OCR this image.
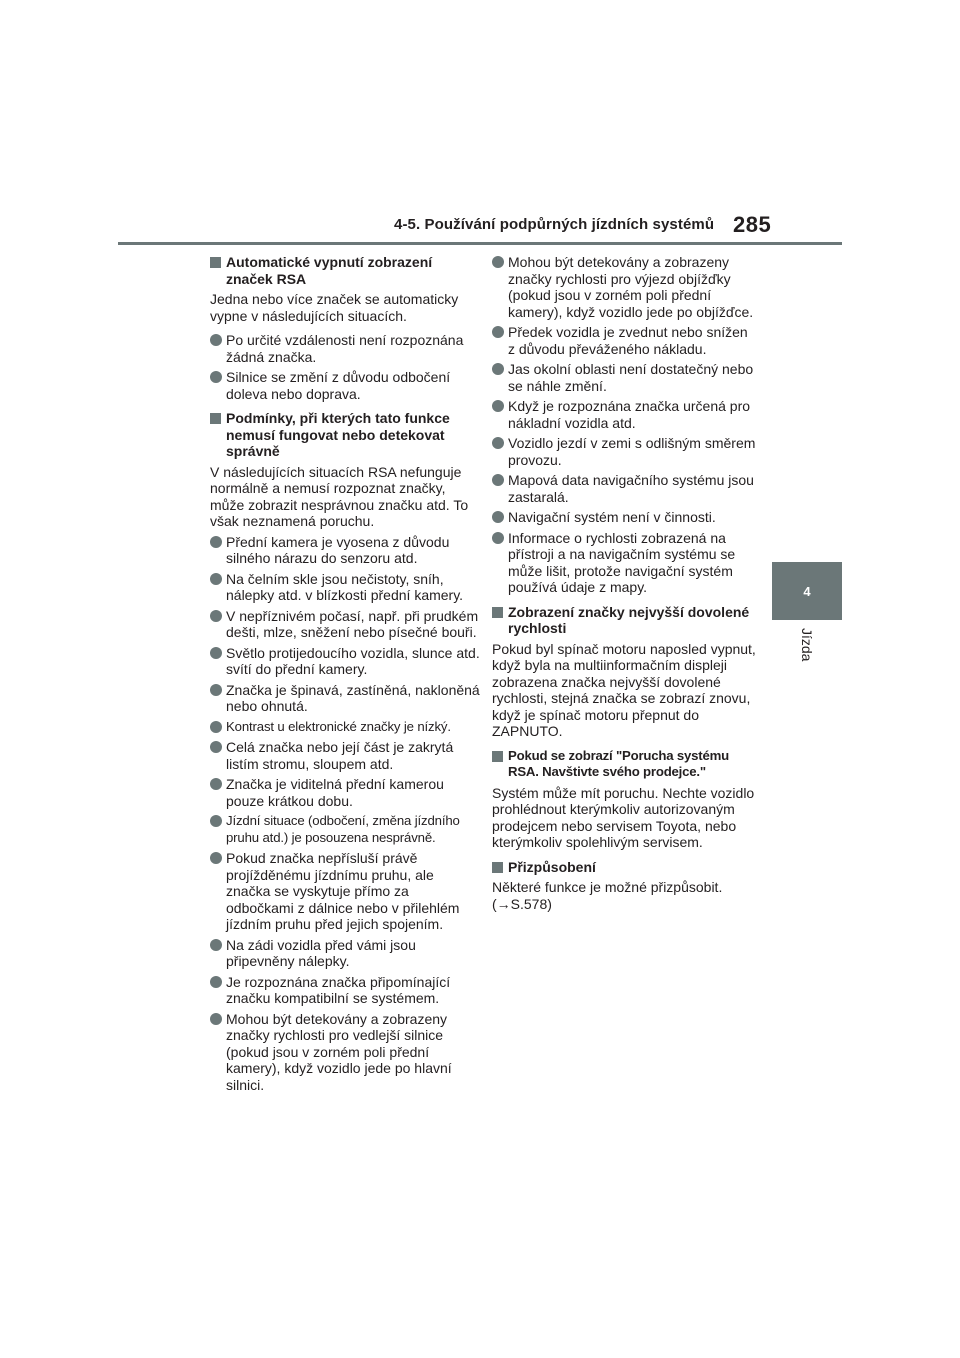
4-5. Používání podpůrných jízdních systémů 285
4
Jízda
Automatické vypnutí zobrazení značek RSA

Jedna nebo více značek se automaticky vypne v následujících situacích.

Po určité vzdálenosti není rozpoznána žádná značka.
Silnice se změní z důvodu odbočení doleva nebo doprava.
Podmínky, při kterých tato funkce nemusí fungovat nebo detekovat správně

V následujících situacích RSA nefunguje normálně a nemusí rozpoznat značky, může zobrazit nesprávnou značku atd. To však neznamená poruchu.

Přední kamera je vyosena z důvodu silného nárazu do senzoru atd.
Na čelním skle jsou nečistoty, sníh, nálepky atd. v blízkosti přední kamery.
V nepříznivém počasí, např. při prudkém dešti, mlze, sněžení nebo písečné bouři.
Světlo protijedoucího vozidla, slunce atd. svítí do přední kamery.
Značka je špinavá, zastíněná, nakloněná nebo ohnutá.
Kontrast u elektronické značky je nízký.
Celá značka nebo její část je zakrytá listím stromu, sloupem atd.
Značka je viditelná přední kamerou pouze krátkou dobu.
Jízdní situace (odbočení, změna jízdního pruhu atd.) je posouzena nesprávně.
Pokud značka nepřísluší právě projížděnému jízdnímu pruhu, ale značka se vyskytuje přímo za odbočkami z dálnice nebo v přilehlém jízdním pruhu před jejich spojením.
Na zádi vozidla před vámi jsou připevněny nálepky.
Je rozpoznána značka připomínající značku kompatibilní se systémem.
Mohou být detekovány a zobrazeny značky rychlosti pro vedlejší silnice (pokud jsou v zorném poli přední kamery), když vozidlo jede po hlavní silnici.
Mohou být detekovány a zobrazeny značky rychlosti pro výjezd objížďky (pokud jsou v zorném poli přední kamery), když vozidlo jede po objížďce.
Předek vozidla je zvednut nebo snížen z důvodu převáženého nákladu.
Jas okolní oblasti není dostatečný nebo se náhle změní.
Když je rozpoznána značka určená pro nákladní vozidla atd.
Vozidlo jezdí v zemi s odlišným směrem provozu.
Mapová data navigačního systému jsou zastaralá.
Navigační systém není v činnosti.
Informace o rychlosti zobrazená na přístroji a na navigačním systému se může lišit, protože navigační systém používá údaje z mapy.
Zobrazení značky nejvyšší dovolené rychlosti

Pokud byl spínač motoru naposled vypnut, když byla na multiinformačním displeji zobrazena značka nejvyšší dovolené rychlosti, stejná značka se zobrazí znovu, když je spínač motoru přepnut do ZAPNUTO.

Pokud se zobrazí "Porucha systému RSA. Navštivte svého prodejce."

Systém může mít poruchu. Nechte vozidlo prohlédnout kterýmkoliv autorizovaným prodejcem nebo servisem Toyota, nebo kterýmkoliv spolehlivým servisem.

Přizpůsobení

Některé funkce je možné přizpůsobit. (→S.578)
